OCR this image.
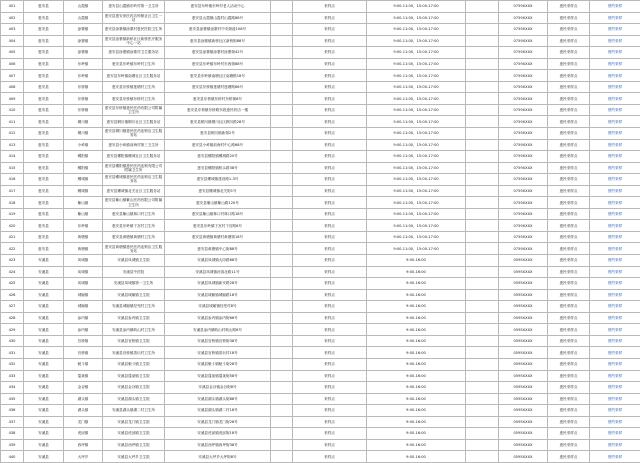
401	惠安县	山霞镇	惠安县山霞镇东岭村第一卫生所	惠安县东岭镇东岭村老人活动中心		采样点	9:00-11:00，15:00-17:00		0759XXXX	惠民采样点	预约采样
402	惠安县	山霞镇	惠安县惠安家医药店钟鼎社区卫生一站	惠安县山霞镇山霞村山霞路88号		采样点	9:00-11:00，15:00-17:00		0759XXXX	惠民采样点	预约采样
403	惠安县	涂寨镇	惠安县涂寨镇涂寨村惠民医院卫生所	惠安县涂寨镇涂寨村中央街道108号		采样点	9:00-11:00，15:00-17:00		0759XXXX	惠民采样点	预约采样
404	惠安县	涂寨镇	惠安县涂寨镇新桥社区新桥医疗服务中心一站	惠安县涂寨镇新桥社区新桥街88号		采样点	9:00-11:00，15:00-17:00		0759XXXX	惠民采样点	预约采样
405	惠安县	涂寨镇	惠安县涂寨镇涂寨村卫生服务站	惠安县涂寨镇涂寨村涂寨街42号		采样点	9:00-11:00，15:00-17:00		0759XXXX	惠民采样点	预约采样
406	惠安县	东岭镇	惠安县东岭镇东岭村卫生所	惠安县东岭镇东岭村东西街88号		采样点	9:00-11:00，15:00-17:00		0759XXXX	惠民采样点	预约采样
407	惠安县	东岭镇	惠安县东岭镇南塘社区卫生服务站	惠安县东岭镇南塘社区南塘路18号		采样点	9:00-11:00，15:00-17:00		0759XXXX	惠民采样点	预约采样
408	惠安县	东桥镇	惠安县东桥镇莲塘村卫生所	惠安县东桥镇莲塘村莲塘路66号		采样点	9:00-11:00，15:00-17:00		0759XXXX	惠民采样点	预约采样
409	惠安县	东桥镇	惠安县东桥镇东桥村卫生所	惠安县东桥镇东桥村东桥街8号		采样点	9:00-11:00，15:00-17:00		0759XXXX	惠民采样点	预约采样
410	惠安县	东桥镇	惠安县东桥镇惠民医药有限公司附属卫生所	惠安县东桥镇东桥路东段惠民药店一楼		采样点	9:00-11:00，15:00-17:00		0759XXXX	惠民采样点	预约采样
411	惠安县	辋川镇	惠安县辋川镇辋川社区卫生服务站	惠安县辋川镇辋川社区辋川路28号		采样点	9:00-11:00，15:00-17:00		0759XXXX	惠民采样点	预约采样
412	惠安县	辋川镇	惠安县辋川镇惠民医药连锁店卫生服务站	惠安县辋川镇新街2号		采样点	9:00-11:00，15:00-17:00		0759XXXX	惠民采样点	预约采样
413	惠安县	小岞镇	惠安县小岞镇前海村第三卫生所	惠安县小岞镇前海村中心路68号		采样点	9:00-11:00，15:00-17:00		0759XXXX	惠民采样点	预约采样
414	惠安县	螺阳镇	惠安县螺阳镇螺城社区卫生服务站	惠安县螺阳镇螺城路20号		采样点	9:00-11:00，15:00-17:00		0759XXXX	惠民采样点	预约采样
415	惠安县	螺阳镇	惠安县螺阳镇惠民医药连锁有限公司附属卫生所	惠安县螺阳镇桥头路38号		采样点	9:00-11:00，15:00-17:00		0759XXXX	惠民采样点	预约采样
416	惠安县	螺城镇	惠安县螺城镇惠民医药连锁店卫生服务站	惠安县螺城镇建设路1-3号		采样点	9:00-11:00，15:00-17:00		0759XXXX	惠民采样点	预约采样
417	惠安县	螺城镇	惠安县螺城镇北关社区卫生服务站	惠安县螺城镇北关街1号		采样点	9:00-11:00，15:00-17:00		0759XXXX	惠民采样点	预约采样
418	惠安县	紫山镇	惠安县紫山镇紫山医药有限公司附属卫生所	惠安县紫山镇紫山路120号		采样点	9:00-11:00，15:00-17:00		0759XXXX	惠民采样点	预约采样
419	惠安县	紫山镇	惠安县紫山镇林口村卫生所	惠安县紫山镇林口村林口路18号		采样点	9:00-11:00，15:00-17:00		0759XXXX	惠民采样点	预约采样
420	惠安县	东岭镇	惠安县东岭镇下宫村卫生所	惠安县东岭镇下宫村下宫路8号		采样点	9:00-11:00，15:00-17:00		0759XXXX	惠民采样点	预约采样
421	惠安县	黄塘镇	惠安县黄塘镇黄塘村卫生所	惠安县黄塘镇黄塘村黄塘街18号		采样点	9:00-11:00，15:00-17:00		0759XXXX	惠民采样点	预约采样
422	惠安县	黄塘镇	惠安县黄塘镇惠民医药连锁店卫生服务站	惠安县黄塘镇中心街88号		采样点	9:00-11:00，15:00-17:00		0759XXXX	惠民采样点	预约采样
423	安溪县	凤城镇	安溪县凤城镇卫生院	安溪县凤城镇大同路88号		采样点	9:00-16:00		0595XXXX	惠民采样点	预约采样
424	安溪县	凤城镇	安溪县中医院	安溪县凤城镇河滨北路11号		采样点	9:00-16:00		0595XXXX	惠民采样点	预约采样
425	安溪县	凤城镇	安溪县凤城镇第一卫生所	安溪县凤城镇新安路28号		采样点	9:00-16:00		0595XXXX	惠民采样点	预约采样
426	安溪县	城厢镇	安溪县城厢镇卫生院	安溪县城厢镇城厢路18号		采样点	9:00-16:00		0595XXXX	惠民采样点	预约采样
427	安溪县	城厢镇	安溪县城厢镇经兜村卫生所	安溪县城厢镇经兜村8号		采样点	9:00-16:00		0595XXXX	惠民采样点	预约采样
428	安溪县	参内镇	安溪县参内镇卫生院	安溪县参内镇参内街66号		采样点	9:00-16:00		0595XXXX	惠民采样点	预约采样
429	安溪县	参内镇	安溪县参内镇岐山村卫生所	安溪县参内镇岐山村岐山路8号		采样点	9:00-16:00		0595XXXX	惠民采样点	预约采样
430	安溪县	官桥镇	安溪县官桥镇卫生院	安溪县官桥镇官桥街38号		采样点	9:00-16:00		0595XXXX	惠民采样点	预约采样
431	安溪县	官桥镇	安溪县官桥镇善坛村卫生所	安溪县官桥镇善坛村18号		采样点	9:00-16:00		0595XXXX	惠民采样点	预约采样
432	安溪县	魁斗镇	安溪县魁斗镇卫生院	安溪县魁斗镇魁斗街28号		采样点	9:00-16:00		0595XXXX	惠民采样点	预约采样
433	安溪县	蓬莱镇	安溪县蓬莱镇卫生院	安溪县蓬莱镇蓬莱街58号		采样点	9:00-16:00		0595XXXX	惠民采样点	预约采样
434	安溪县	金谷镇	安溪县金谷镇卫生院	安溪县金谷镇金谷街8号		采样点	9:00-16:00		0595XXXX	惠民采样点	预约采样
435	安溪县	湖头镇	安溪县湖头镇卫生院	安溪县湖头镇湖头街88号		采样点	9:00-16:00		0595XXXX	惠民采样点	预约采样
436	安溪县	湖头镇	安溪县湖头镇湖二村卫生所	安溪县湖头镇湖二村18号		采样点	9:00-16:00		0595XXXX	惠民采样点	预约采样
437	安溪县	龙门镇	安溪县龙门镇卫生院	安溪县龙门镇龙门街28号		采样点	9:00-16:00		0595XXXX	惠民采样点	预约采样
438	安溪县	虎邱镇	安溪县虎邱镇卫生院	安溪县虎邱镇虎邱街18号		采样点	9:00-16:00		0595XXXX	惠民采样点	预约采样
439	安溪县	西坪镇	安溪县西坪镇卫生院	安溪县西坪镇西坪街38号		采样点	9:00-16:00		0595XXXX	惠民采样点	预约采样
440	安溪县	大坪乡	安溪县大坪乡卫生院	安溪县大坪乡大坪街8号		采样点	9:00-16:00		0595XXXX	惠民采样点	预约采样
